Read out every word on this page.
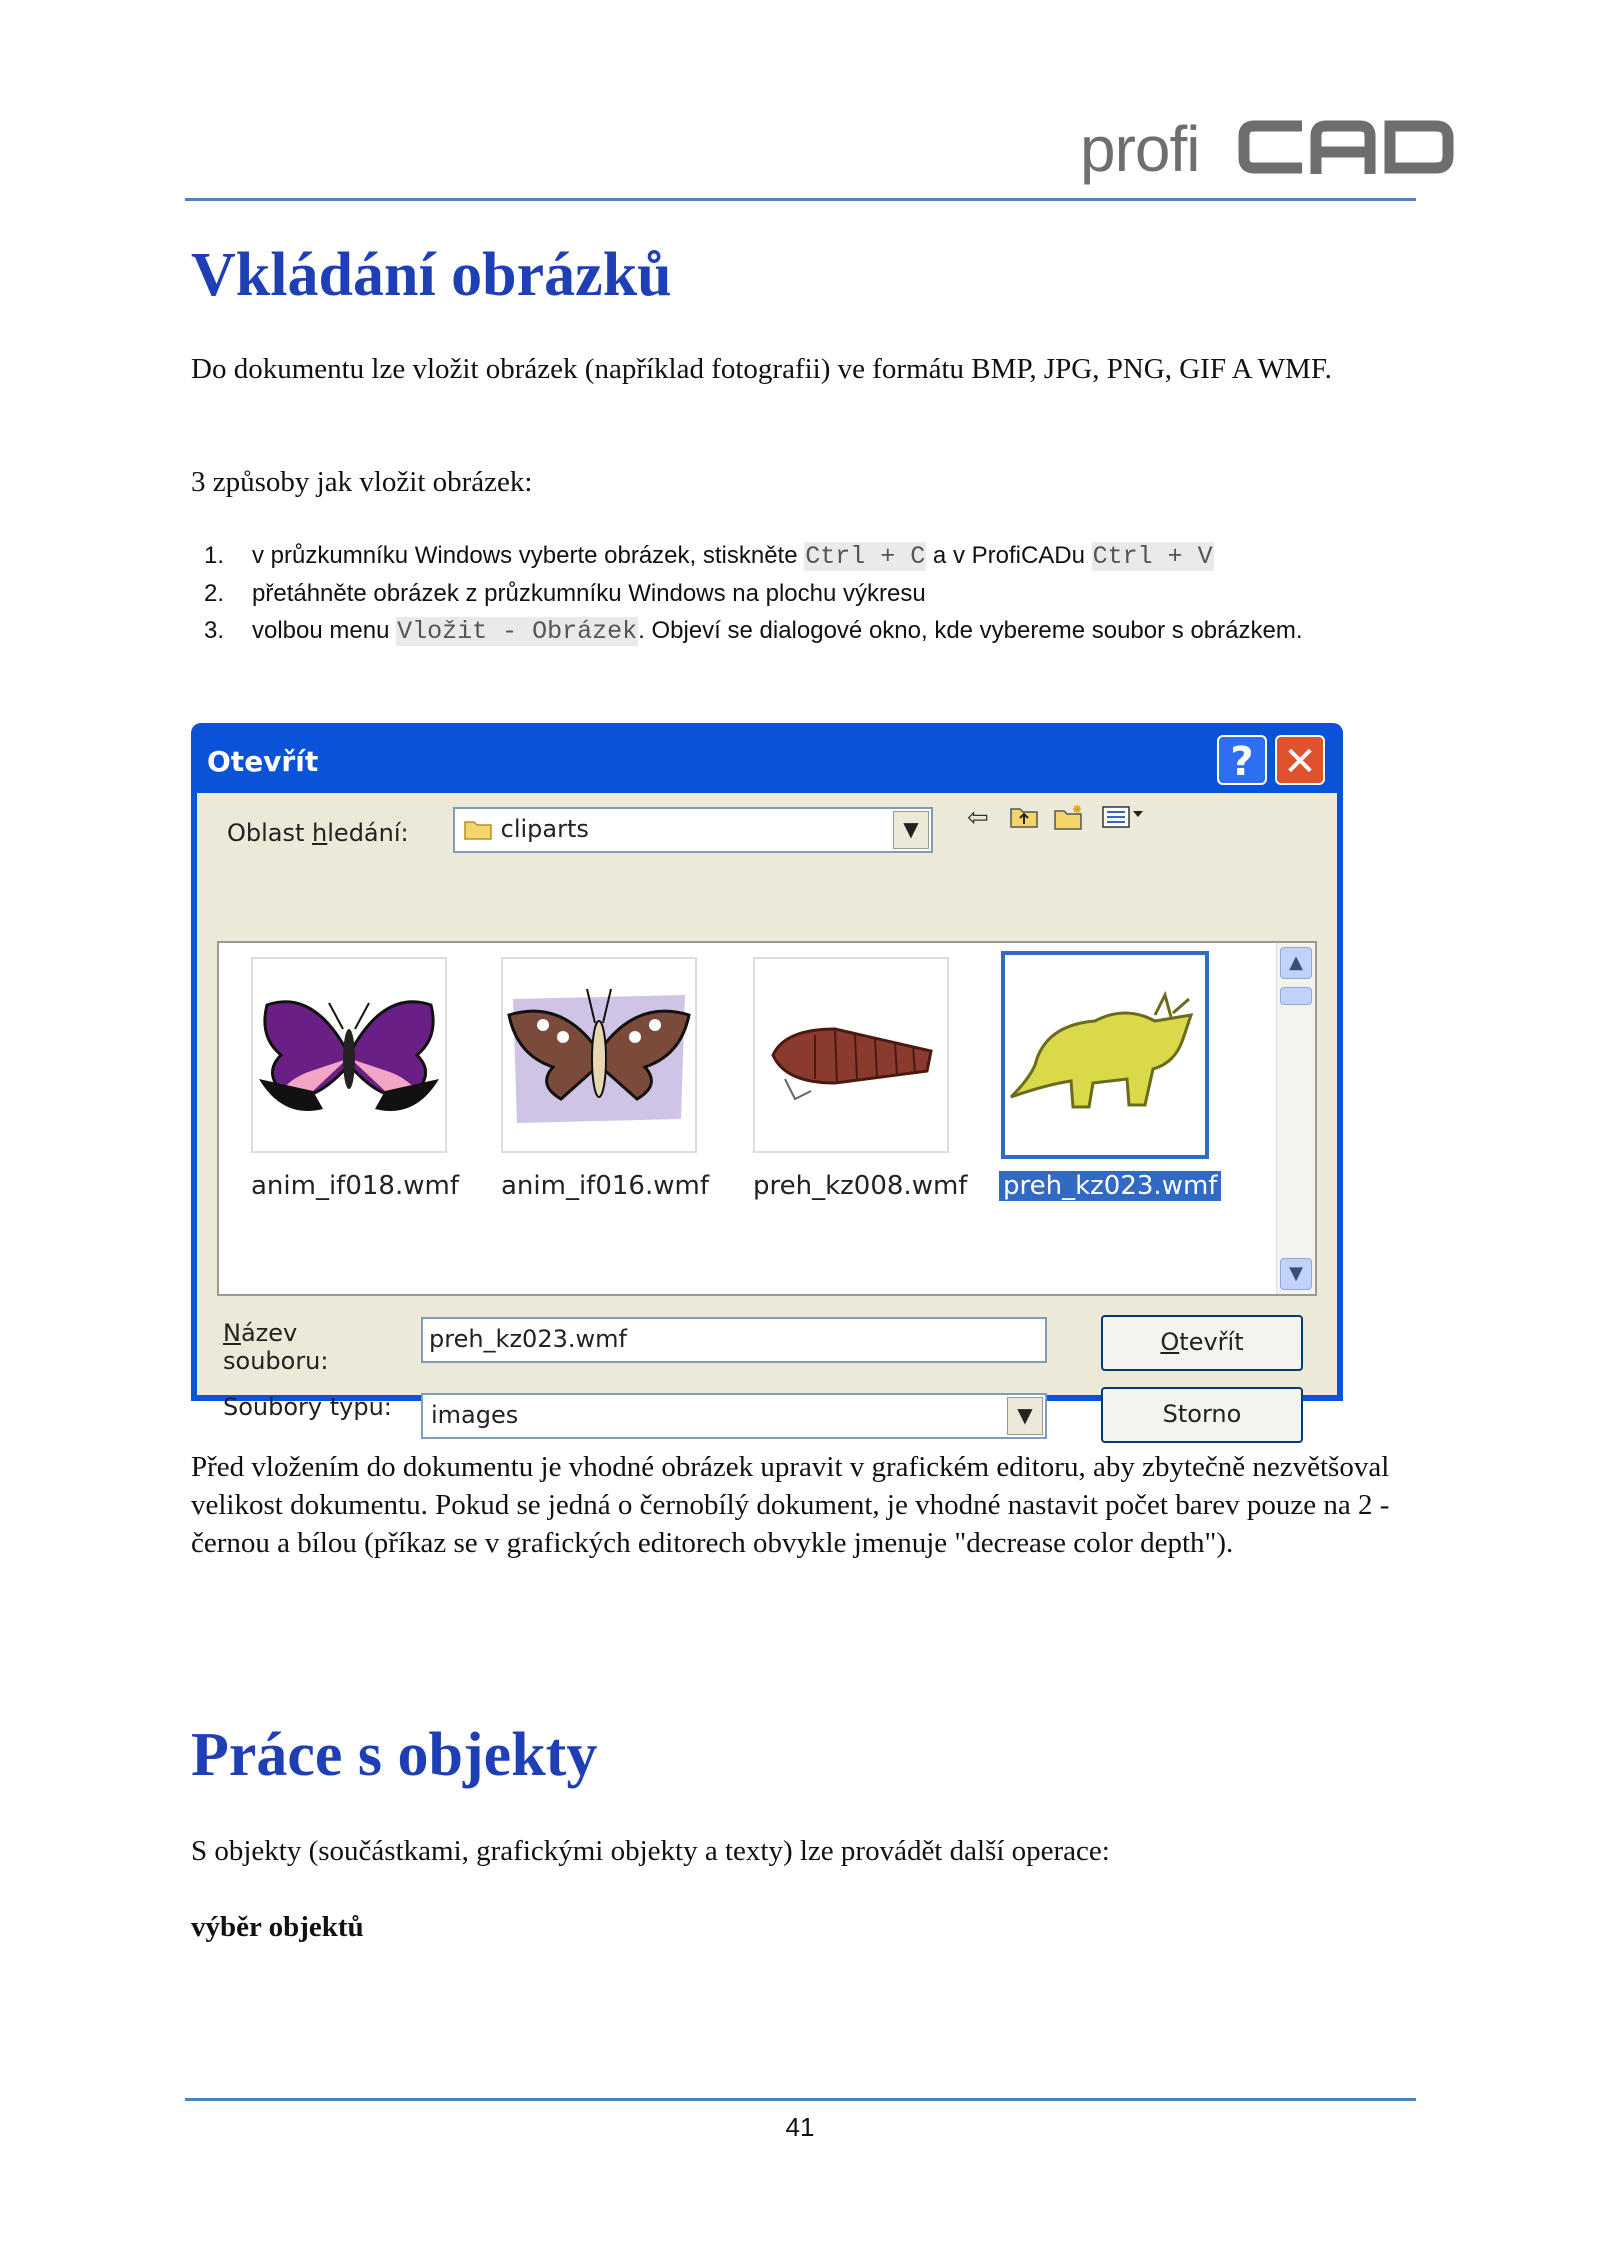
profi
Vkládání obrázků

Do dokumentu lze vložit obrázek (například fotografii) ve formátu BMP, JPG, PNG, GIF A WMF.

3 způsoby jak vložit obrázek:

1. v průzkumníku Windows vyberte obrázek, stiskněte Ctrl + C a v ProfiCADu Ctrl + V
2. přetáhněte obrázek z průzkumníku Windows na plochu výkresu
3. volbou menu Vložit - Obrázek. Objeví se dialogové okno, kde vybereme soubor s obrázkem.
Otevřít	? ✕
Oblast hledání:	cliparts	▼	⇦
anim_if018.wmf anim_if016.wmf preh_kz008.wmf preh_kz023.wmf
▲
▼
Název
souboru:
preh_kz023.wmf	Otevřít
Soubory typu: images	▼	Storno

Před vložením do dokumentu je vhodné obrázek upravit v grafickém editoru, aby zbytečně nezvětšoval velikost dokumentu. Pokud se jedná o černobílý dokument, je vhodné nastavit počet barev pouze na 2 - černou a bílou (příkaz se v grafických editorech obvykle jmenuje "decrease color depth").

Práce s objekty

S objekty (součástkami, grafickými objekty a texty) lze provádět další operace:

výběr objektů

41
